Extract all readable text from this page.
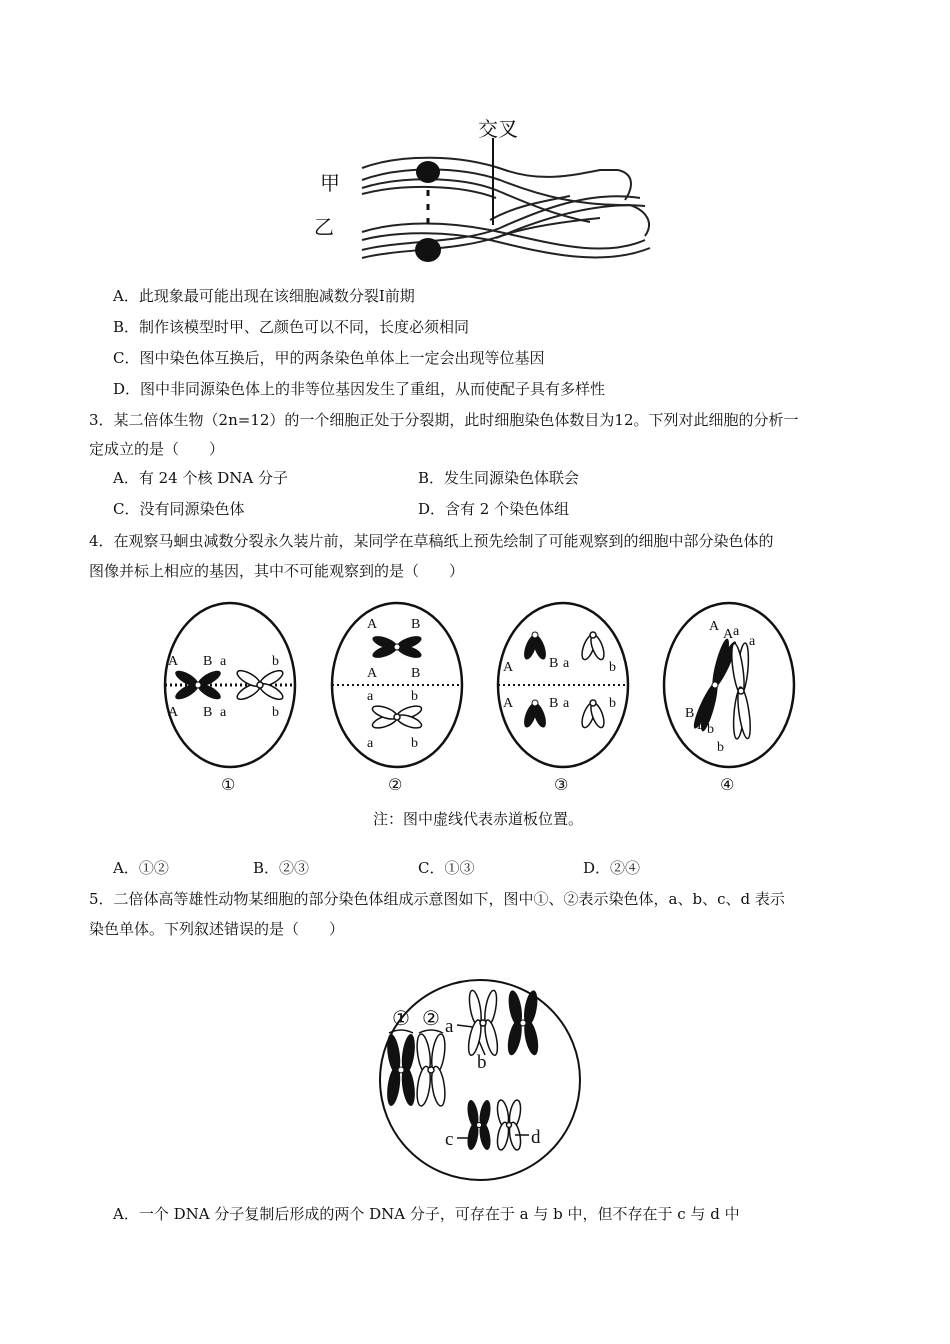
交叉
甲
乙
A．此现象最可能出现在该细胞减数分裂Ⅰ前期
B．制作该模型时甲、乙颜色可以不同，长度必须相同
C．图中染色体互换后，甲的两条染色单体上一定会出现等位基因
D．图中非同源染色体上的非等位基因发生了重组，从而使配子具有多样性
3．某二倍体生物（2n=12）的一个细胞正处于分裂期，此时细胞染色体数目为12。下列对此细胞的分析一
定成立的是（　　）
A．有 24 个核 DNA 分子	B．发生同源染色体联会
C．没有同源染色体	D．含有 2 个染色体组
4．在观察马蛔虫减数分裂永久装片前，某同学在草稿纸上预先绘制了可能观察到的细胞中部分染色体的
图像并标上相应的基因，其中不可能观察到的是（　　）
A B a	b
A B a	b
A B
A B
a	b
a	b
A	B a	b
A	B a	b
A
A a
a
B
B b
b
①	②	③	④
注：图中虚线代表赤道板位置。
A．①②	B．②③	C．①③	D．②④
5．二倍体高等雄性动物某细胞的部分染色体组成示意图如下，图中①、②表示染色体，a、b、c、d 表示
染色单体。下列叙述错误的是（　　）
① ② a
b
c	d
A．一个 DNA 分子复制后形成的两个 DNA 分子，可存在于 a 与 b 中，但不存在于 c 与 d 中
